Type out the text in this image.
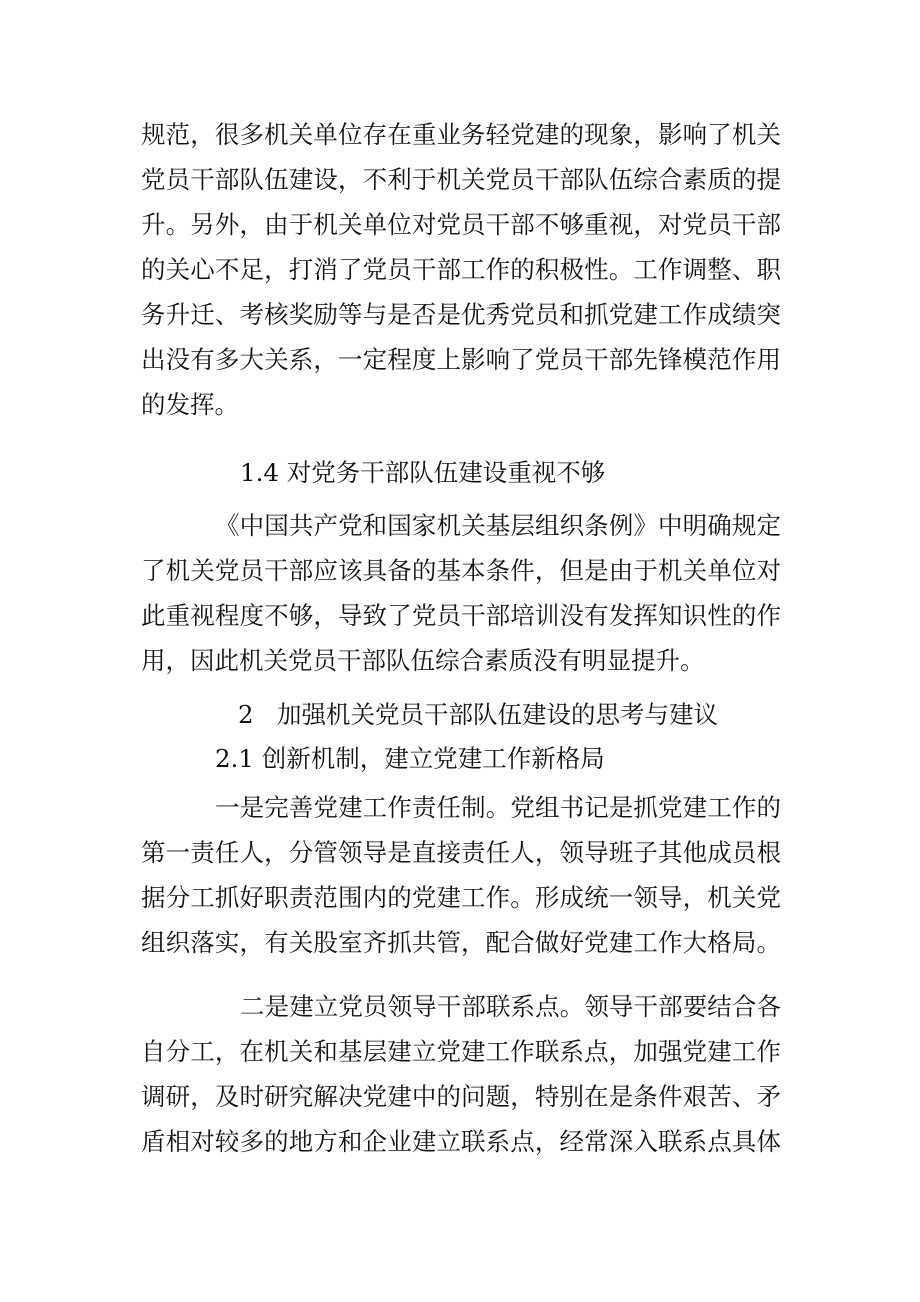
规范，很多机关单位存在重业务轻党建的现象，影响了机关
党员干部队伍建设，不利于机关党员干部队伍综合素质的提
升。另外，由于机关单位对党员干部不够重视，对党员干部
的关心不足，打消了党员干部工作的积极性。工作调整、职
务升迁、考核奖励等与是否是优秀党员和抓党建工作成绩突
出没有多大关系，一定程度上影响了党员干部先锋模范作用
的发挥。
1.4 对党务干部队伍建设重视不够
《中国共产党和国家机关基层组织条例》中明确规定
了机关党员干部应该具备的基本条件，但是由于机关单位对
此重视程度不够，导致了党员干部培训没有发挥知识性的作
用，因此机关党员干部队伍综合素质没有明显提升。
2   加强机关党员干部队伍建设的思考与建议
2.1 创新机制，建立党建工作新格局
一是完善党建工作责任制。党组书记是抓党建工作的
第一责任人，分管领导是直接责任人，领导班子其他成员根
据分工抓好职责范围内的党建工作。形成统一领导，机关党
组织落实，有关股室齐抓共管，配合做好党建工作大格局。
二是建立党员领导干部联系点。领导干部要结合各
自分工，在机关和基层建立党建工作联系点，加强党建工作
调研，及时研究解决党建中的问题，特别在是条件艰苦、矛
盾相对较多的地方和企业建立联系点，经常深入联系点具体
